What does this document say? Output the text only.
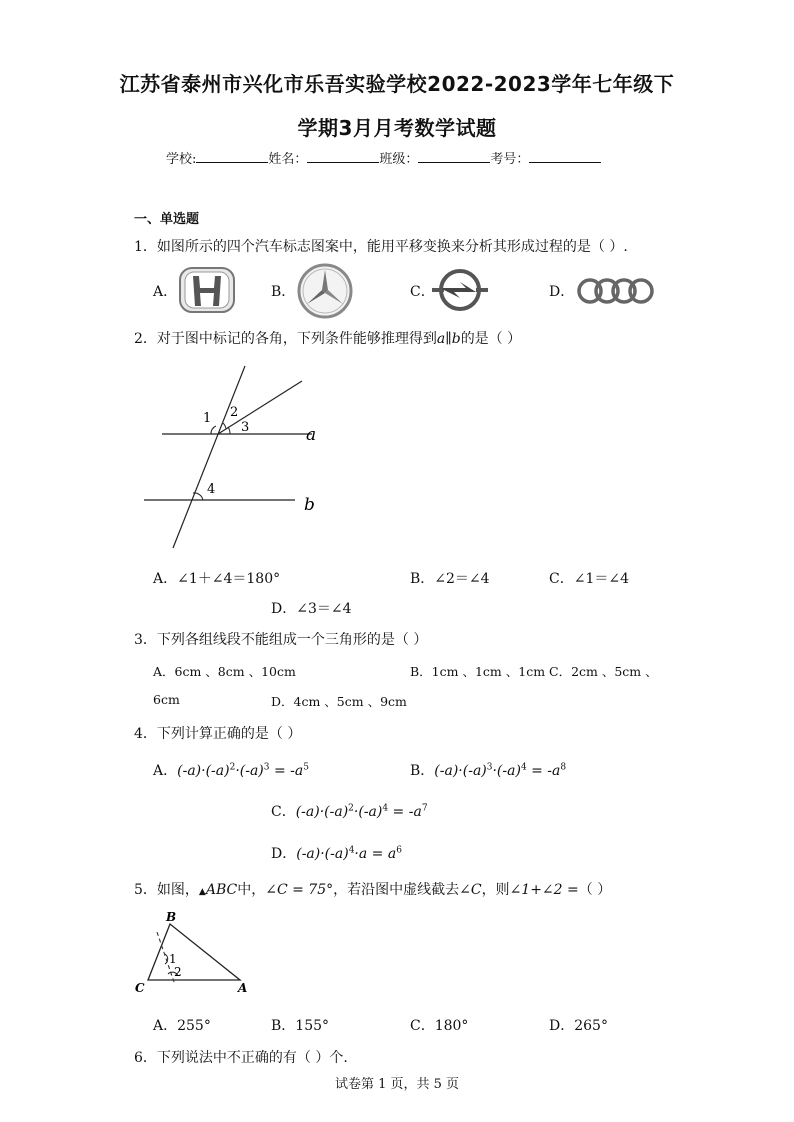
江苏省泰州市兴化市乐吾实验学校2022-2023学年七年级下
学期3月月考数学试题
学校:	姓名：	班级：	考号：
一、单选题
1．如图所示的四个汽车标志图案中，能用平移变换来分析其形成过程的是（ ）.
A．	B．	C．	D．
2．对于图中标记的各角，下列条件能够推理得到a∥b的是（ ）
1 2
3
4
a
b
A．∠1＋∠4＝180°	B．∠2＝∠4	C．∠1＝∠4
D．∠3＝∠4
3．下列各组线段不能组成一个三角形的是（ ）
A．6cm 、8cm 、10cm	B．1cm 、1cm 、1cm C．2cm 、5cm 、
6cm	D．4cm 、5cm 、9cm
4．下列计算正确的是（ ）
A．$(-a)\cdot(-a)^2\cdot(-a)^3 = -a^5$	B．$(-a)\cdot(-a)^3\cdot(-a)^4 = -a^8$
C．$(-a)\cdot(-a)^2\cdot(-a)^4 = -a^7$
D．$(-a)\cdot(-a)^4\cdot a = a^6$
5．如图，▲ABC中，∠C = 75°，若沿图中虚线截去∠C，则∠1+∠2 =（ ）
B
C	A
1
2
A．255°	B．155°	C．180°	D．265°
6．下列说法中不正确的有（ ）个.
试卷第 1 页，共 5 页
